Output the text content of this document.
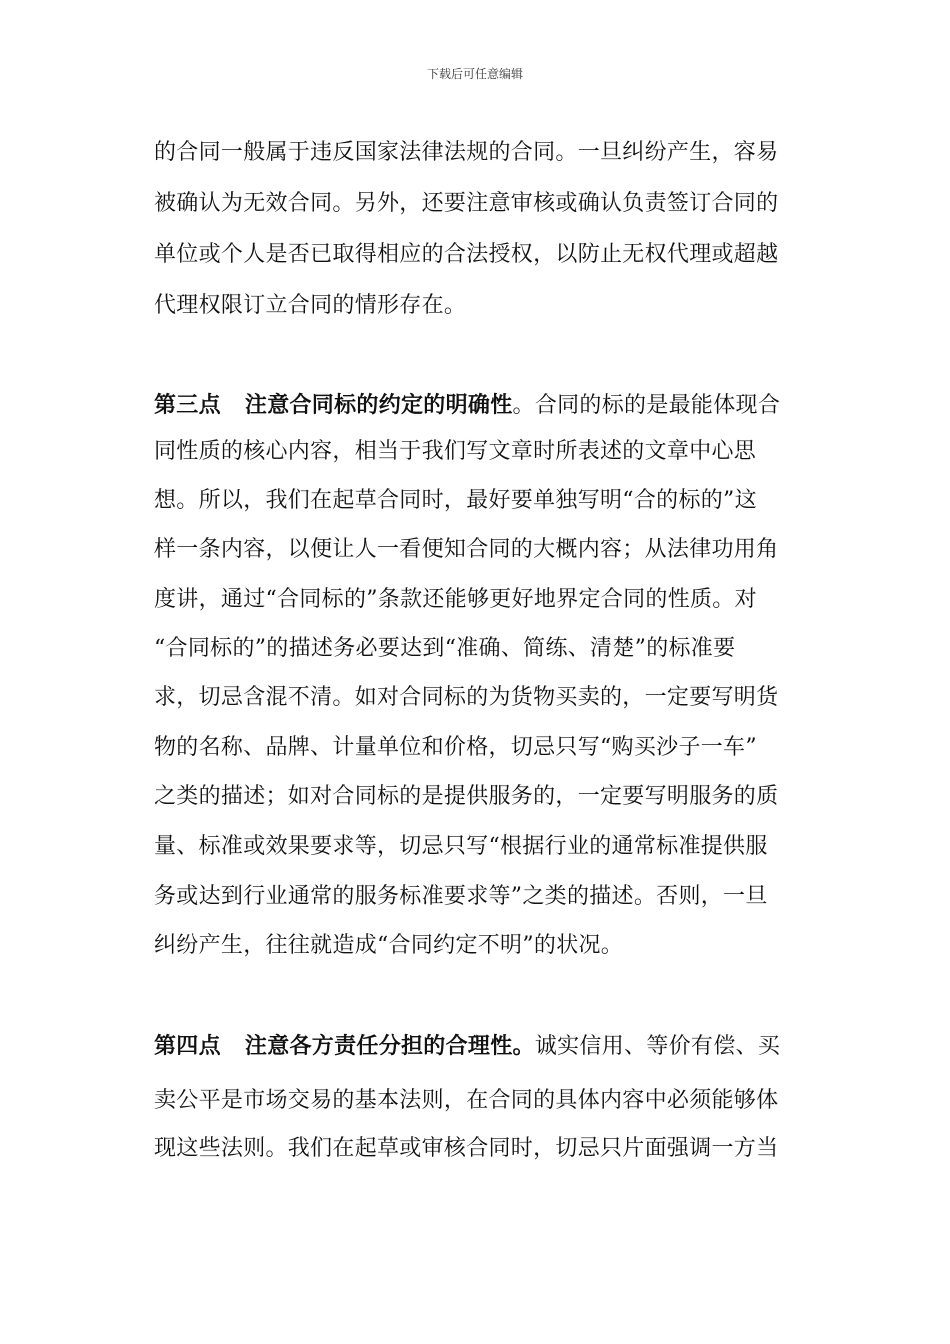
下载后可任意编辑
的合同一般属于违反国家法律法规的合同。一旦纠纷产生，容易
被确认为无效合同。另外，还要注意审核或确认负责签订合同的
单位或个人是否已取得相应的合法授权，以防止无权代理或超越
代理权限订立合同的情形存在。
第三点 注意合同标的约定的明确性。合同的标的是最能体现合
同性质的核心内容，相当于我们写文章时所表述的文章中心思
想。所以，我们在起草合同时，最好要单独写明“合的标的”这
样一条内容，以便让人一看便知合同的大概内容；从法律功用角
度讲，通过“合同标的”条款还能够更好地界定合同的性质。对
“合同标的”的描述务必要达到“准确、简练、清楚”的标准要
求，切忌含混不清。如对合同标的为货物买卖的，一定要写明货
物的名称、品牌、计量单位和价格，切忌只写“购买沙子一车”
之类的描述；如对合同标的是提供服务的，一定要写明服务的质
量、标准或效果要求等，切忌只写“根据行业的通常标准提供服
务或达到行业通常的服务标准要求等”之类的描述。否则，一旦
纠纷产生，往往就造成“合同约定不明”的状况。
第四点 注意各方责任分担的合理性。诚实信用、等价有偿、买
卖公平是市场交易的基本法则，在合同的具体内容中必须能够体
现这些法则。我们在起草或审核合同时，切忌只片面强调一方当
